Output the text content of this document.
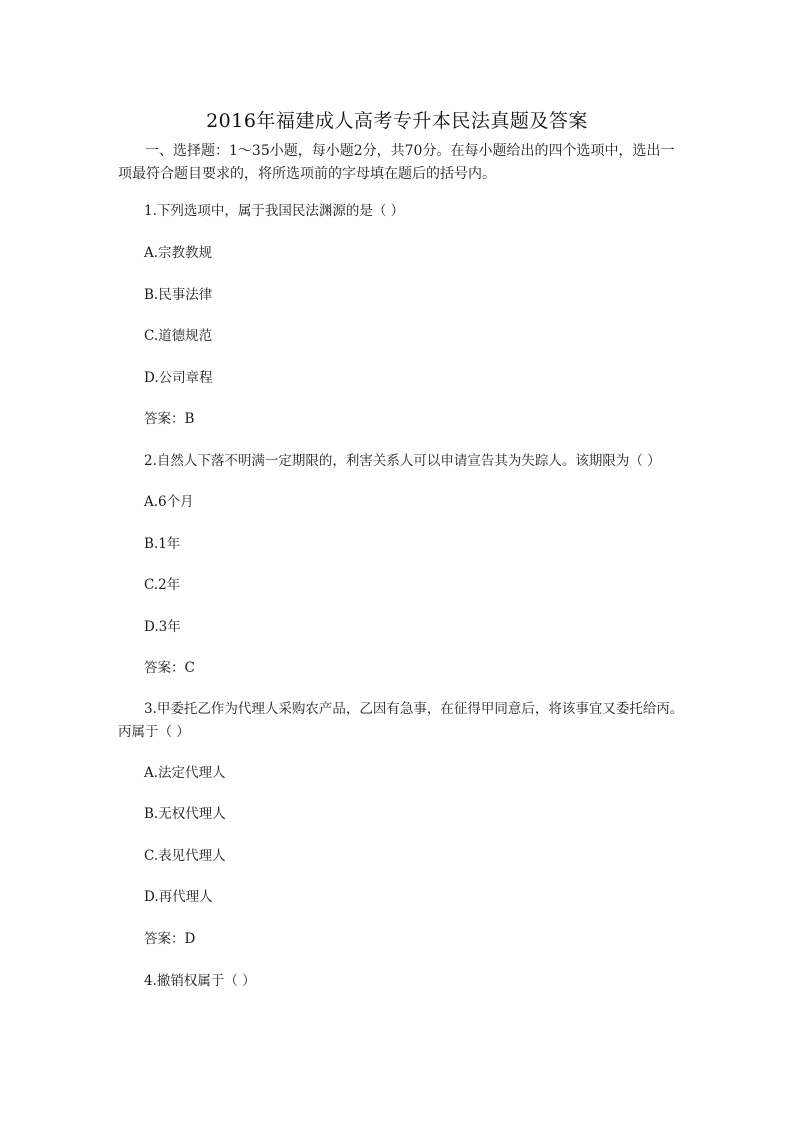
2016年福建成人高考专升本民法真题及答案
一、选择题：1～35小题，每小题2分，共70分。在每小题给出的四个选项中，选出一项最符合题目要求的，将所选项前的字母填在题后的括号内。
1.下列选项中，属于我国民法渊源的是（ ）
A.宗教教规
B.民事法律
C.道德规范
D.公司章程
答案：B
2.自然人下落不明满一定期限的，利害关系人可以申请宣告其为失踪人。该期限为（ ）
A.6个月
B.1年
C.2年
D.3年
答案：C
3.甲委托乙作为代理人采购农产品，乙因有急事，在征得甲同意后，将该事宜又委托给丙。丙属于（ ）
A.法定代理人
B.无权代理人
C.表见代理人
D.再代理人
答案：D
4.撤销权属于（ ）
